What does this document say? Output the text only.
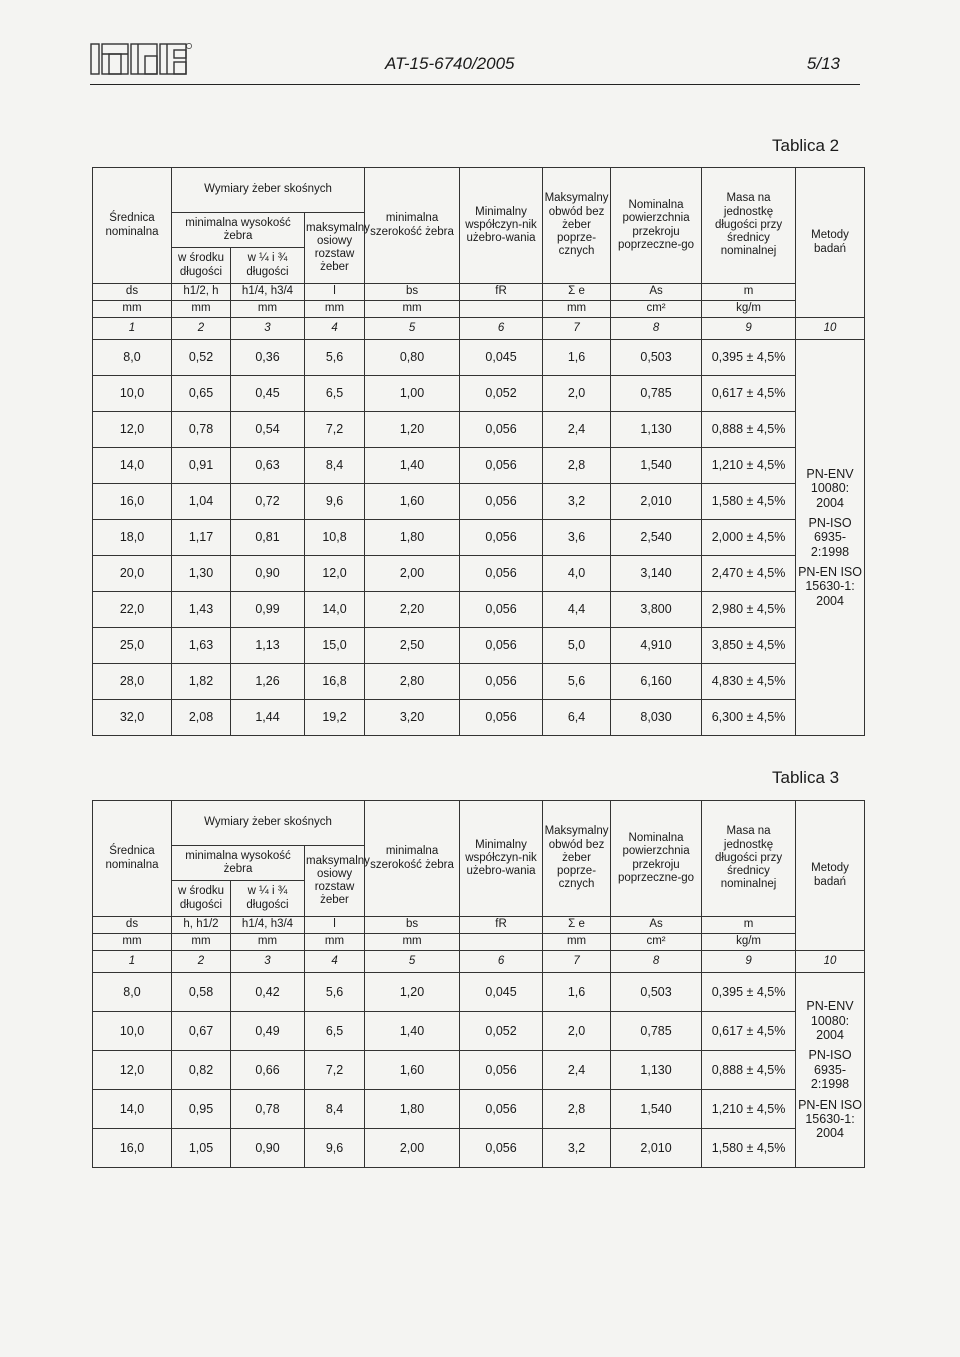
AT-15-6740/2005	5/13
Tablica 2
Tablica 3
Średnica nominalna	Wymiary żeber skośnych			minimalna szerokość żebra	Minimalny współczyn-nik użebro-wania	Maksymalny obwód bez żeber poprze-cznych	Nominalna powierzchnia przekroju poprzeczne-go	Masa na jednostkę długości przy średnicy nominalnej	Metody badań
	minimalna wysokość żebra		maksymalny osiowy rozstaw żeber						
	w środku długości	w ¼ i ¾ długości							
ds	h1/2, h	h1/4, h3/4	l	bs	fR	Σ e	As	m	
mm	mm	mm	mm	mm		mm	cm²	kg/m	
1	2	3	4	5	6	7	8	9	10
8,0	0,52	0,36	5,6	0,80	0,045	1,6	0,503	0,395 ± 4,5%	PN-ENV 10080: 2004
PN-ISO 6935-2:1998
PN-EN ISO 15630-1: 2004

10,0	0,65	0,45	6,5	1,00	0,052	2,0	0,785	0,617 ± 4,5%	
12,0	0,78	0,54	7,2	1,20	0,056	2,4	1,130	0,888 ± 4,5%	
14,0	0,91	0,63	8,4	1,40	0,056	2,8	1,540	1,210 ± 4,5%	
16,0	1,04	0,72	9,6	1,60	0,056	3,2	2,010	1,580 ± 4,5%	
18,0	1,17	0,81	10,8	1,80	0,056	3,6	2,540	2,000 ± 4,5%	
20,0	1,30	0,90	12,0	2,00	0,056	4,0	3,140	2,470 ± 4,5%	
22,0	1,43	0,99	14,0	2,20	0,056	4,4	3,800	2,980 ± 4,5%	
25,0	1,63	1,13	15,0	2,50	0,056	5,0	4,910	3,850 ± 4,5%	
28,0	1,82	1,26	16,8	2,80	0,056	5,6	6,160	4,830 ± 4,5%	
32,0	2,08	1,44	19,2	3,20	0,056	6,4	8,030	6,300 ± 4,5%	
Średnica nominalna	Wymiary żeber skośnych			minimalna szerokość żebra	Minimalny współczyn-nik użebro-wania	Maksymalny obwód bez żeber poprze-cznych	Nominalna powierzchnia przekroju poprzeczne-go	Masa na jednostkę długości przy średnicy nominalnej	Metody badań
	minimalna wysokość żebra		maksymalny osiowy rozstaw żeber						
	w środku długości	w ¼ i ¾ długości							
ds	h, h1/2	h1/4, h3/4	l	bs	fR	Σ e	As	m	
mm	mm	mm	mm	mm		mm	cm²	kg/m	
1	2	3	4	5	6	7	8	9	10
8,0	0,58	0,42	5,6	1,20	0,045	1,6	0,503	0,395 ± 4,5%	PN-ENV 10080: 2004
PN-ISO 6935-2:1998
PN-EN ISO 15630-1: 2004

10,0	0,67	0,49	6,5	1,40	0,052	2,0	0,785	0,617 ± 4,5%	
12,0	0,82	0,66	7,2	1,60	0,056	2,4	1,130	0,888 ± 4,5%	
14,0	0,95	0,78	8,4	1,80	0,056	2,8	1,540	1,210 ± 4,5%	
16,0	1,05	0,90	9,6	2,00	0,056	3,2	2,010	1,580 ± 4,5%	
